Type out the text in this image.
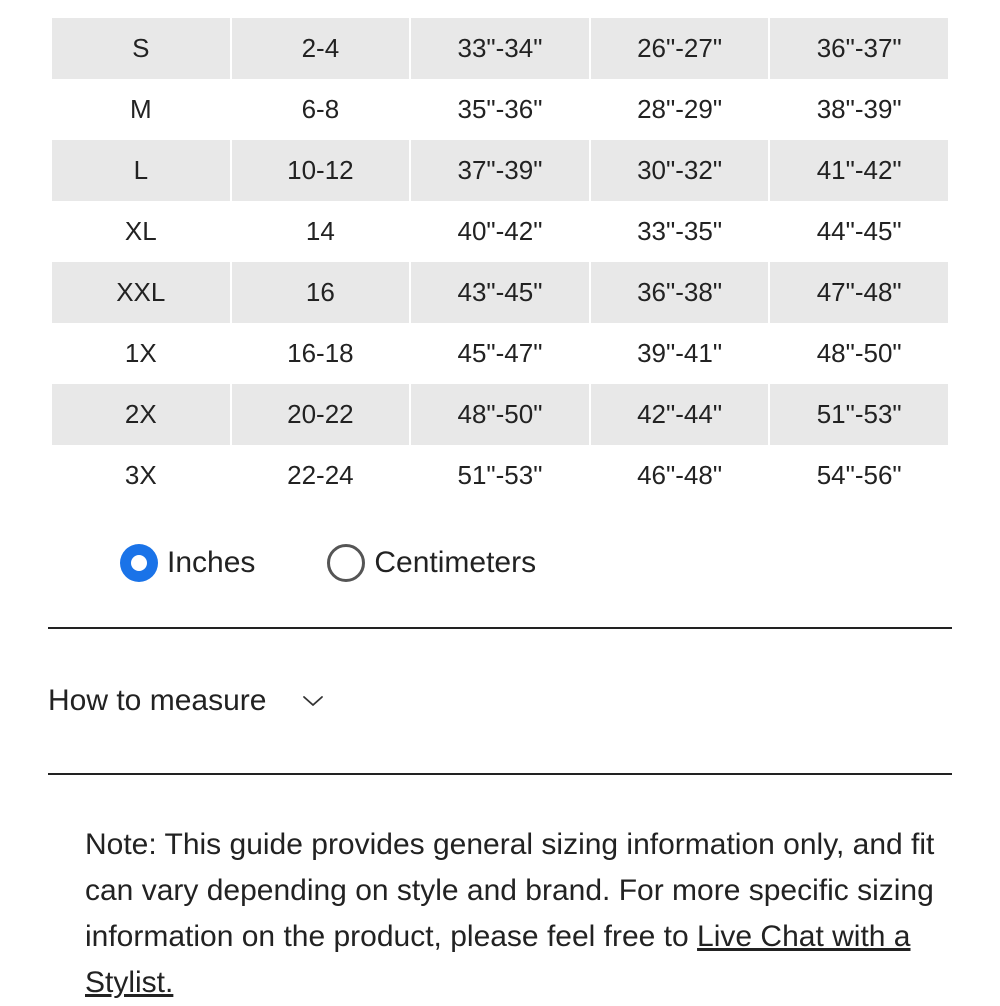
S	2-4	33"-34"	26"-27"	36"-37"
M	6-8	35"-36"	28"-29"	38"-39"
L	10-12	37"-39"	30"-32"	41"-42"
XL	14	40"-42"	33"-35"	44"-45"
XXL	16	43"-45"	36"-38"	47"-48"
1X	16-18	45"-47"	39"-41"	48"-50"
2X	20-22	48"-50"	42"-44"	51"-53"
3X	22-24	51"-53"	46"-48"	54"-56"
Inches	Centimeters
How to measure

Note: This guide provides general sizing information only, and fit can vary depending on style and brand. For more specific sizing information on the product, please feel free to Live Chat with a Stylist.
